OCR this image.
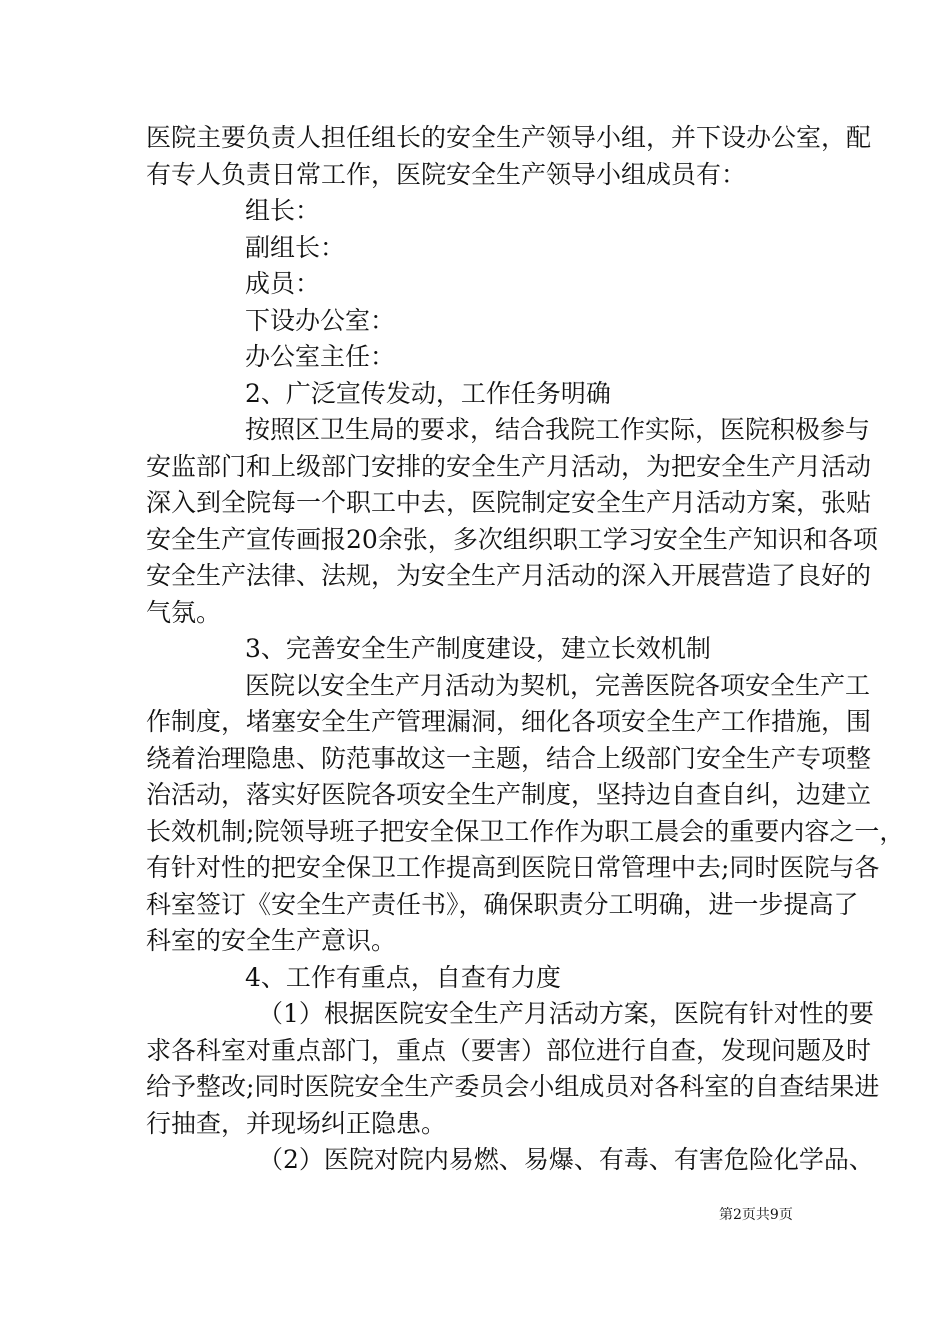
医院主要负责人担任组长的安全生产领导小组，并下设办公室，配
有专人负责日常工作，医院安全生产领导小组成员有：
组长：
副组长：
成员：
下设办公室：
办公室主任：
2、广泛宣传发动，工作任务明确
按照区卫生局的要求，结合我院工作实际，医院积极参与
安监部门和上级部门安排的安全生产月活动，为把安全生产月活动
深入到全院每一个职工中去，医院制定安全生产月活动方案，张贴
安全生产宣传画报20余张，多次组织职工学习安全生产知识和各项
安全生产法律、法规，为安全生产月活动的深入开展营造了良好的
气氛。
3、完善安全生产制度建设，建立长效机制
医院以安全生产月活动为契机，完善医院各项安全生产工
作制度，堵塞安全生产管理漏洞，细化各项安全生产工作措施，围
绕着治理隐患、防范事故这一主题，结合上级部门安全生产专项整
治活动，落实好医院各项安全生产制度，坚持边自查自纠，边建立
长效机制;院领导班子把安全保卫工作作为职工晨会的重要内容之一，
有针对性的把安全保卫工作提高到医院日常管理中去;同时医院与各
科室签订《安全生产责任书》，确保职责分工明确，进一步提高了
科室的安全生产意识。
4、工作有重点，自查有力度
（1）根据医院安全生产月活动方案，医院有针对性的要
求各科室对重点部门，重点（要害）部位进行自查，发现问题及时
给予整改;同时医院安全生产委员会小组成员对各科室的自查结果进
行抽查，并现场纠正隐患。
（2）医院对院内易燃、易爆、有毒、有害危险化学品、
第2页共9页
